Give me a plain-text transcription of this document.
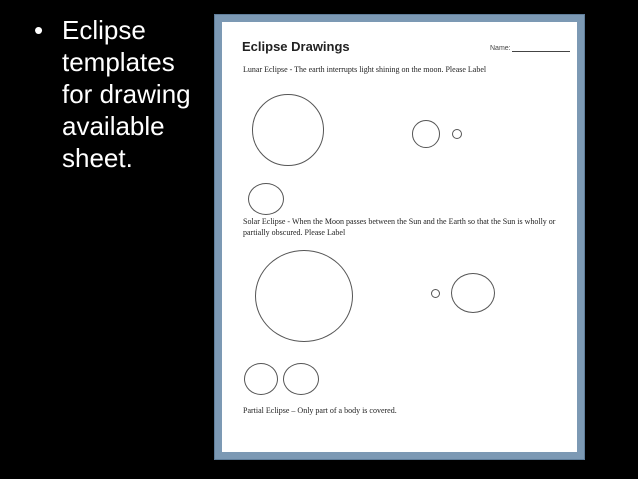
• Eclipse
templates
for drawing
available
sheet.
Eclipse Drawings	Name:
Lunar Eclipse - The earth interrupts light shining on the moon. Please Label
Solar Eclipse - When the Moon passes between the Sun and the Earth so that the Sun is wholly or partially obscured. Please Label
Partial Eclipse – Only part of a body is covered.
